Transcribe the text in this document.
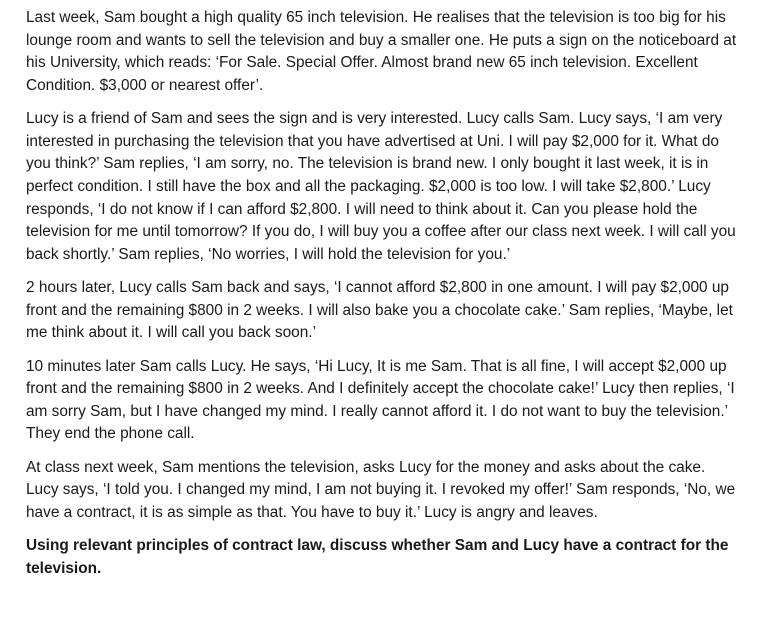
Last week, Sam bought a high quality 65 inch television. He realises that the television is too big for his lounge room and wants to sell the television and buy a smaller one. He puts a sign on the noticeboard at his University, which reads: ‘For Sale. Special Offer. Almost brand new 65 inch television. Excellent Condition. $3,000 or nearest offer’.

Lucy is a friend of Sam and sees the sign and is very interested. Lucy calls Sam. Lucy says, ‘I am very interested in purchasing the television that you have advertised at Uni. I will pay $2,000 for it. What do you think?’ Sam replies, ‘I am sorry, no. The television is brand new. I only bought it last week, it is in perfect condition. I still have the box and all the packaging. $2,000 is too low. I will take $2,800.’ Lucy responds, ‘I do not know if I can afford $2,800. I will need to think about it. Can you please hold the television for me until tomorrow? If you do, I will buy you a coffee after our class next week. I will call you back shortly.’ Sam replies, ‘No worries, I will hold the television for you.’

2 hours later, Lucy calls Sam back and says, ‘I cannot afford $2,800 in one amount. I will pay $2,000 up front and the remaining $800 in 2 weeks. I will also bake you a chocolate cake.’ Sam replies, ‘Maybe, let me think about it. I will call you back soon.’

10 minutes later Sam calls Lucy. He says, ‘Hi Lucy, It is me Sam. That is all fine, I will accept $2,000 up front and the remaining $800 in 2 weeks. And I definitely accept the chocolate cake!’ Lucy then replies, ‘I am sorry Sam, but I have changed my mind. I really cannot afford it. I do not want to buy the television.’ They end the phone call.

At class next week, Sam mentions the television, asks Lucy for the money and asks about the cake. Lucy says, ‘I told you. I changed my mind, I am not buying it. I revoked my offer!’ Sam responds, ‘No, we have a contract, it is as simple as that. You have to buy it.’ Lucy is angry and leaves.

Using relevant principles of contract law, discuss whether Sam and Lucy have a contract for the television.
